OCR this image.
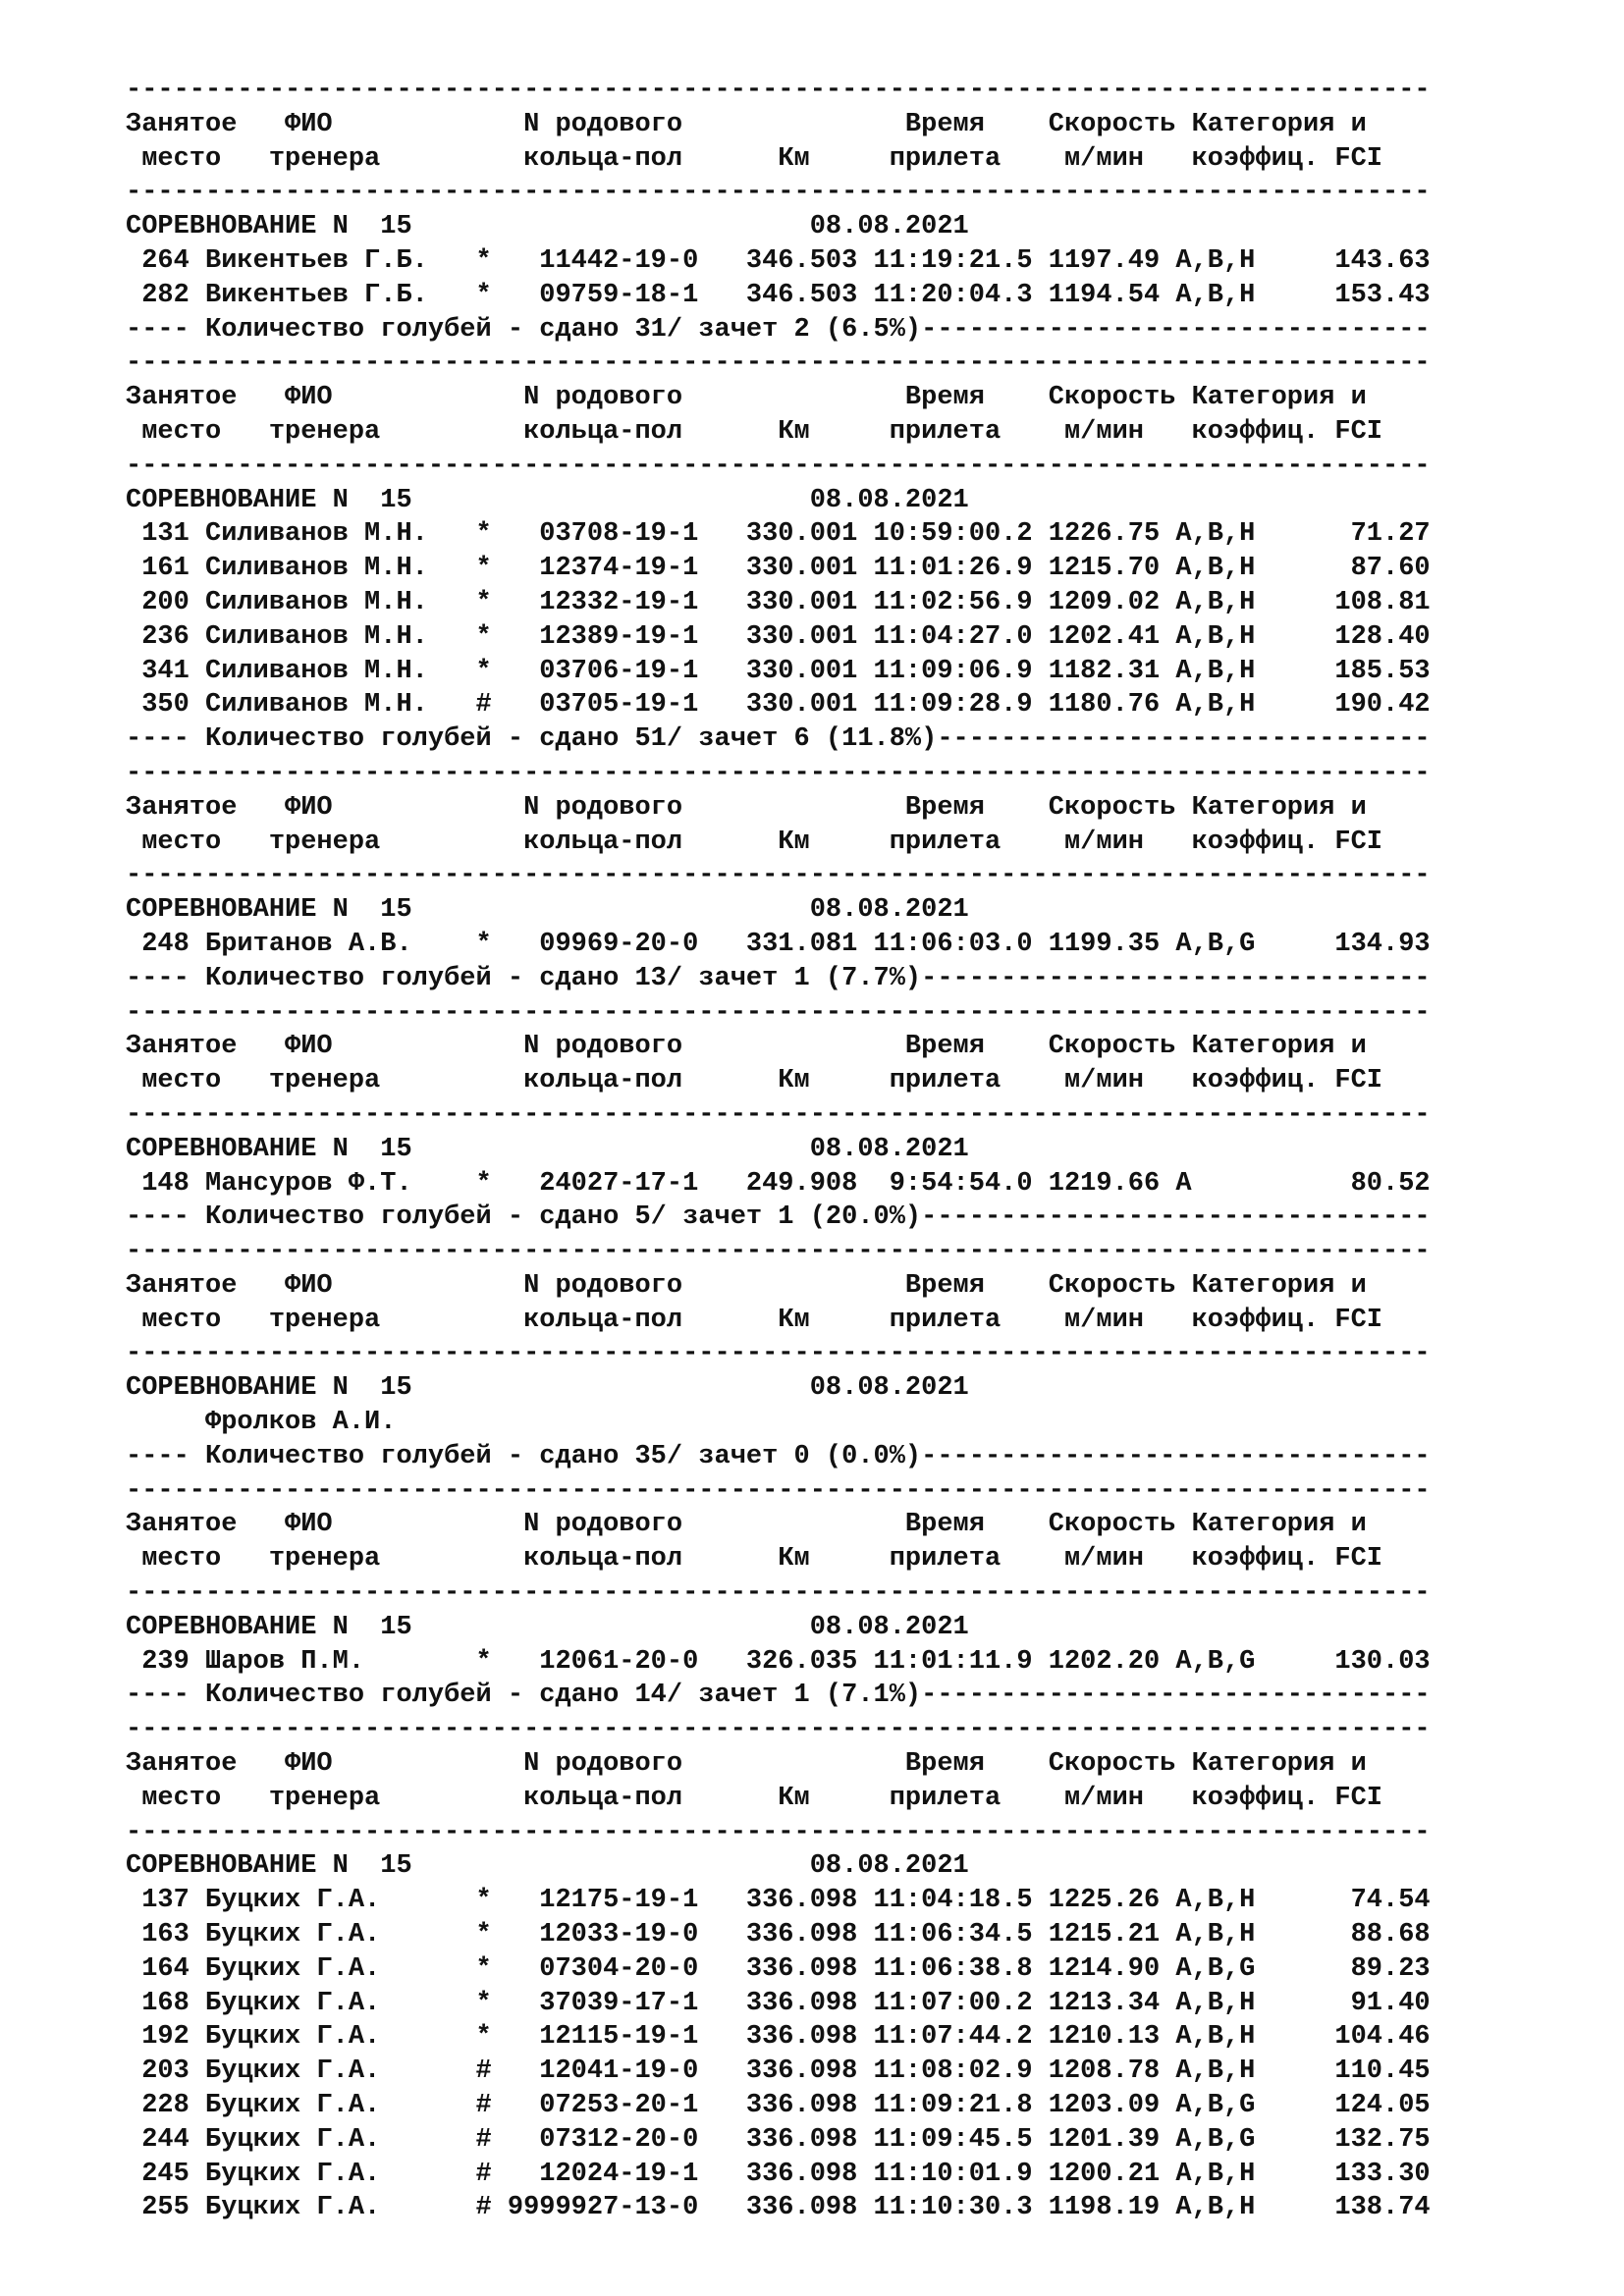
----------------------------------------------------------------------------------
Занятое   ФИО            N родового              Время    Скорость Категория и
место   тренера         кольца-пол      Км     прилета    м/мин   коэффиц. FCI
----------------------------------------------------------------------------------
СОРЕВНОВАНИЕ N  15                         08.08.2021
264 Викентьев Г.Б.   *   11442-19-0   346.503 11:19:21.5 1197.49 A,B,H     143.63
282 Викентьев Г.Б.   *   09759-18-1   346.503 11:20:04.3 1194.54 A,B,H     153.43
---- Количество голубей - сдано 31/ зачет 2 (6.5%)--------------------------------
----------------------------------------------------------------------------------
Занятое   ФИО            N родового              Время    Скорость Категория и
место   тренера         кольца-пол      Км     прилета    м/мин   коэффиц. FCI
----------------------------------------------------------------------------------
СОРЕВНОВАНИЕ N  15                         08.08.2021
131 Силиванов М.Н.   *   03708-19-1   330.001 10:59:00.2 1226.75 A,B,H      71.27
161 Силиванов М.Н.   *   12374-19-1   330.001 11:01:26.9 1215.70 A,B,H      87.60
200 Силиванов М.Н.   *   12332-19-1   330.001 11:02:56.9 1209.02 A,B,H     108.81
236 Силиванов М.Н.   *   12389-19-1   330.001 11:04:27.0 1202.41 A,B,H     128.40
341 Силиванов М.Н.   *   03706-19-1   330.001 11:09:06.9 1182.31 A,B,H     185.53
350 Силиванов М.Н.   #   03705-19-1   330.001 11:09:28.9 1180.76 A,B,H     190.42
---- Количество голубей - сдано 51/ зачет 6 (11.8%)-------------------------------
----------------------------------------------------------------------------------
Занятое   ФИО            N родового              Время    Скорость Категория и
место   тренера         кольца-пол      Км     прилета    м/мин   коэффиц. FCI
----------------------------------------------------------------------------------
СОРЕВНОВАНИЕ N  15                         08.08.2021
248 Британов А.В.    *   09969-20-0   331.081 11:06:03.0 1199.35 A,B,G     134.93
---- Количество голубей - сдано 13/ зачет 1 (7.7%)--------------------------------
----------------------------------------------------------------------------------
Занятое   ФИО            N родового              Время    Скорость Категория и
место   тренера         кольца-пол      Км     прилета    м/мин   коэффиц. FCI
----------------------------------------------------------------------------------
СОРЕВНОВАНИЕ N  15                         08.08.2021
148 Мансуров Ф.Т.    *   24027-17-1   249.908  9:54:54.0 1219.66 A          80.52
---- Количество голубей - сдано 5/ зачет 1 (20.0%)--------------------------------
----------------------------------------------------------------------------------
Занятое   ФИО            N родового              Время    Скорость Категория и
место   тренера         кольца-пол      Км     прилета    м/мин   коэффиц. FCI
----------------------------------------------------------------------------------
СОРЕВНОВАНИЕ N  15                         08.08.2021
Фролков А.И.
---- Количество голубей - сдано 35/ зачет 0 (0.0%)--------------------------------
----------------------------------------------------------------------------------
Занятое   ФИО            N родового              Время    Скорость Категория и
место   тренера         кольца-пол      Км     прилета    м/мин   коэффиц. FCI
----------------------------------------------------------------------------------
СОРЕВНОВАНИЕ N  15                         08.08.2021
239 Шаров П.М.       *   12061-20-0   326.035 11:01:11.9 1202.20 A,B,G     130.03
---- Количество голубей - сдано 14/ зачет 1 (7.1%)--------------------------------
----------------------------------------------------------------------------------
Занятое   ФИО            N родового              Время    Скорость Категория и
место   тренера         кольца-пол      Км     прилета    м/мин   коэффиц. FCI
----------------------------------------------------------------------------------
СОРЕВНОВАНИЕ N  15                         08.08.2021
137 Буцких Г.А.      *   12175-19-1   336.098 11:04:18.5 1225.26 A,B,H      74.54
163 Буцких Г.А.      *   12033-19-0   336.098 11:06:34.5 1215.21 A,B,H      88.68
164 Буцких Г.А.      *   07304-20-0   336.098 11:06:38.8 1214.90 A,B,G      89.23
168 Буцких Г.А.      *   37039-17-1   336.098 11:07:00.2 1213.34 A,B,H      91.40
192 Буцких Г.А.      *   12115-19-1   336.098 11:07:44.2 1210.13 A,B,H     104.46
203 Буцких Г.А.      #   12041-19-0   336.098 11:08:02.9 1208.78 A,B,H     110.45
228 Буцких Г.А.      #   07253-20-1   336.098 11:09:21.8 1203.09 A,B,G     124.05
244 Буцких Г.А.      #   07312-20-0   336.098 11:09:45.5 1201.39 A,B,G     132.75
245 Буцких Г.А.      #   12024-19-1   336.098 11:10:01.9 1200.21 A,B,H     133.30
255 Буцких Г.А.      # 9999927-13-0   336.098 11:10:30.3 1198.19 A,B,H     138.74
